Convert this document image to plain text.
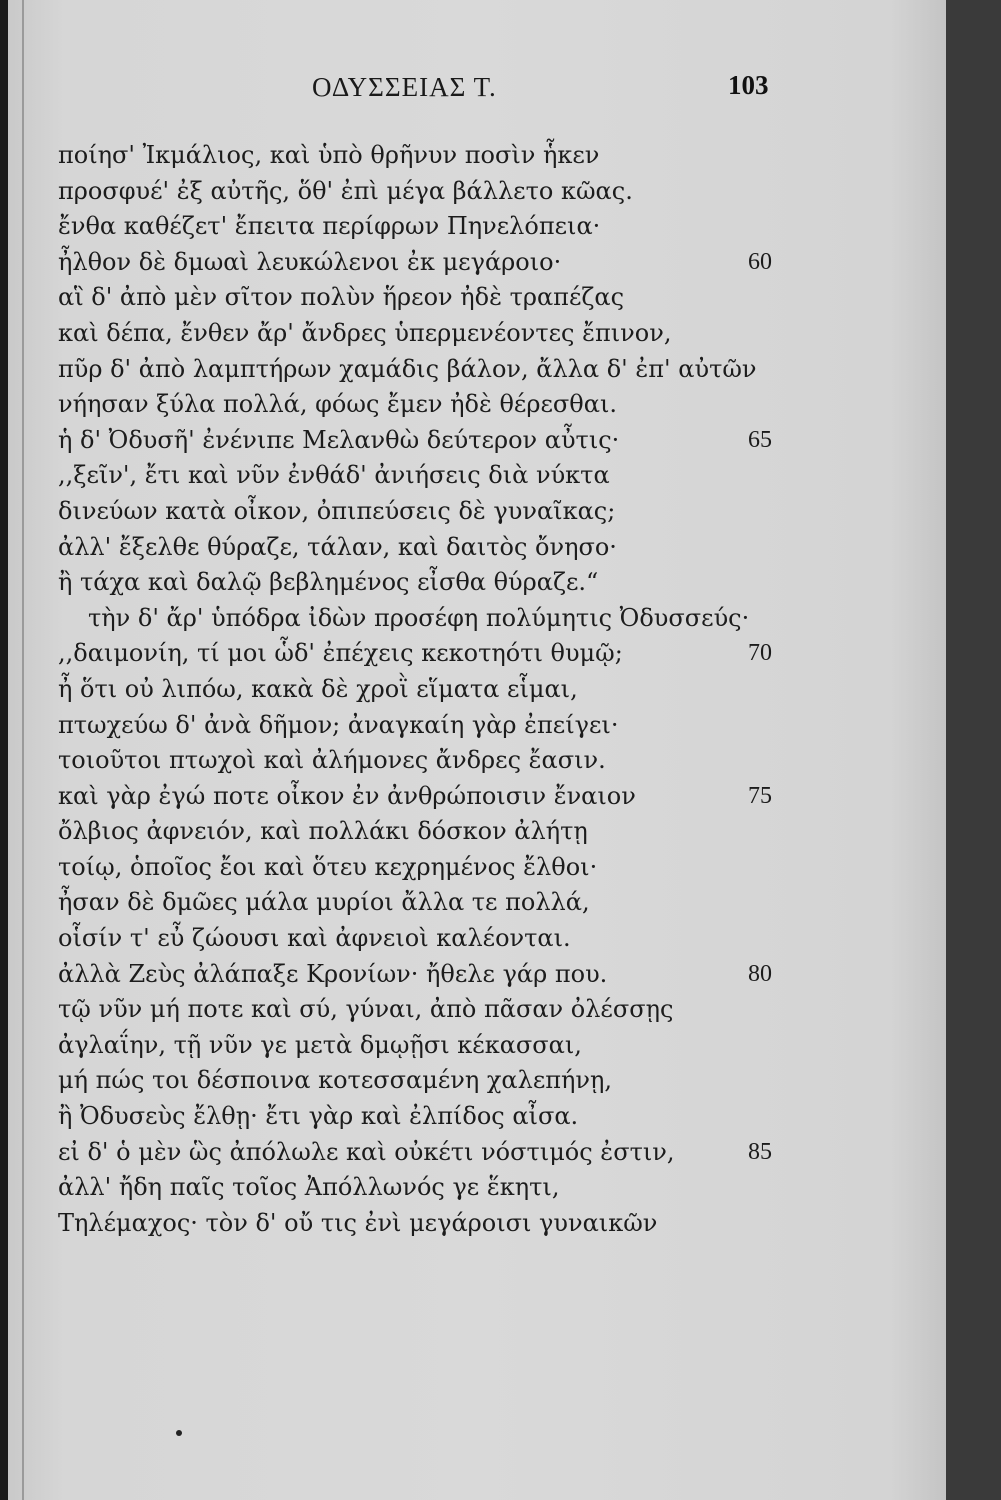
ΟΔΥΣΣΕΙΑΣ Τ.	103
ποίησ' Ἰκμάλιος, καὶ ὑπὸ θρῆνυν ποσὶν ἧκεν
προσφυέ' ἐξ αὐτῆς, ὅθ' ἐπὶ μέγα βάλλετο κῶας.
ἔνθα καθέζετ' ἔπειτα περίφρων Πηνελόπεια·
ἦλθον δὲ δμωαὶ λευκώλενοι ἐκ μεγάροιο·	60
αἳ δ' ἀπὸ μὲν σῖτον πολὺν ἥρεον ἠδὲ τραπέζας
καὶ δέπα, ἔνθεν ἄρ' ἄνδρες ὑπερμενέοντες ἔπινον,
πῦρ δ' ἀπὸ λαμπτήρων χαμάδις βάλον, ἄλλα δ' ἐπ' αὐτῶν
νήησαν ξύλα πολλά, φόως ἔμεν ἠδὲ θέρεσθαι.
ἡ δ' Ὀδυσῆ' ἐνένιπε Μελανθὼ δεύτερον αὖτις·	65
,,ξεῖν', ἔτι καὶ νῦν ἐνθάδ' ἀνιήσεις διὰ νύκτα
δινεύων κατὰ οἶκον, ὀπιπεύσεις δὲ γυναῖκας;
ἀλλ' ἔξελθε θύραζε, τάλαν, καὶ δαιτὸς ὄνησο·
ἢ τάχα καὶ δαλῷ βεβλημένος εἶσθα θύραζε.“
τὴν δ' ἄρ' ὑπόδρα ἰδὼν προσέφη πολύμητις Ὀδυσσεύς·
,,δαιμονίη, τί μοι ὧδ' ἐπέχεις κεκοτηότι θυμῷ;	70
ἦ ὅτι οὐ λιπόω, κακὰ δὲ χροῒ εἵματα εἷμαι,
πτωχεύω δ' ἀνὰ δῆμον; ἀναγκαίη γὰρ ἐπείγει·
τοιοῦτοι πτωχοὶ καὶ ἀλήμονες ἄνδρες ἔασιν.
καὶ γὰρ ἐγώ ποτε οἶκον ἐν ἀνθρώποισιν ἔναιον	75
ὄλβιος ἀφνειόν, καὶ πολλάκι δόσκον ἀλήτῃ
τοίῳ, ὁποῖος ἔοι καὶ ὅτευ κεχρημένος ἔλθοι·
ἦσαν δὲ δμῶες μάλα μυρίοι ἄλλα τε πολλά,
οἷσίν τ' εὖ ζώουσι καὶ ἀφνειοὶ καλέονται.
ἀλλὰ Ζεὺς ἀλάπαξε Κρονίων· ἤθελε γάρ που.	80
τῷ νῦν μή ποτε καὶ σύ, γύναι, ἀπὸ πᾶσαν ὀλέσσῃς
ἀγλαΐην, τῇ νῦν γε μετὰ δμῳῇσι κέκασσαι,
μή πώς τοι δέσποινα κοτεσσαμένη χαλεπήνῃ,
ἢ Ὀδυσεὺς ἔλθῃ· ἔτι γὰρ καὶ ἐλπίδος αἶσα.
εἰ δ' ὁ μὲν ὣς ἀπόλωλε καὶ οὐκέτι νόστιμός ἐστιν,	85
ἀλλ' ἤδη παῖς τοῖος Ἀπόλλωνός γε ἕκητι,
Τηλέμαχος· τὸν δ' οὔ τις ἐνὶ μεγάροισι γυναικῶν
